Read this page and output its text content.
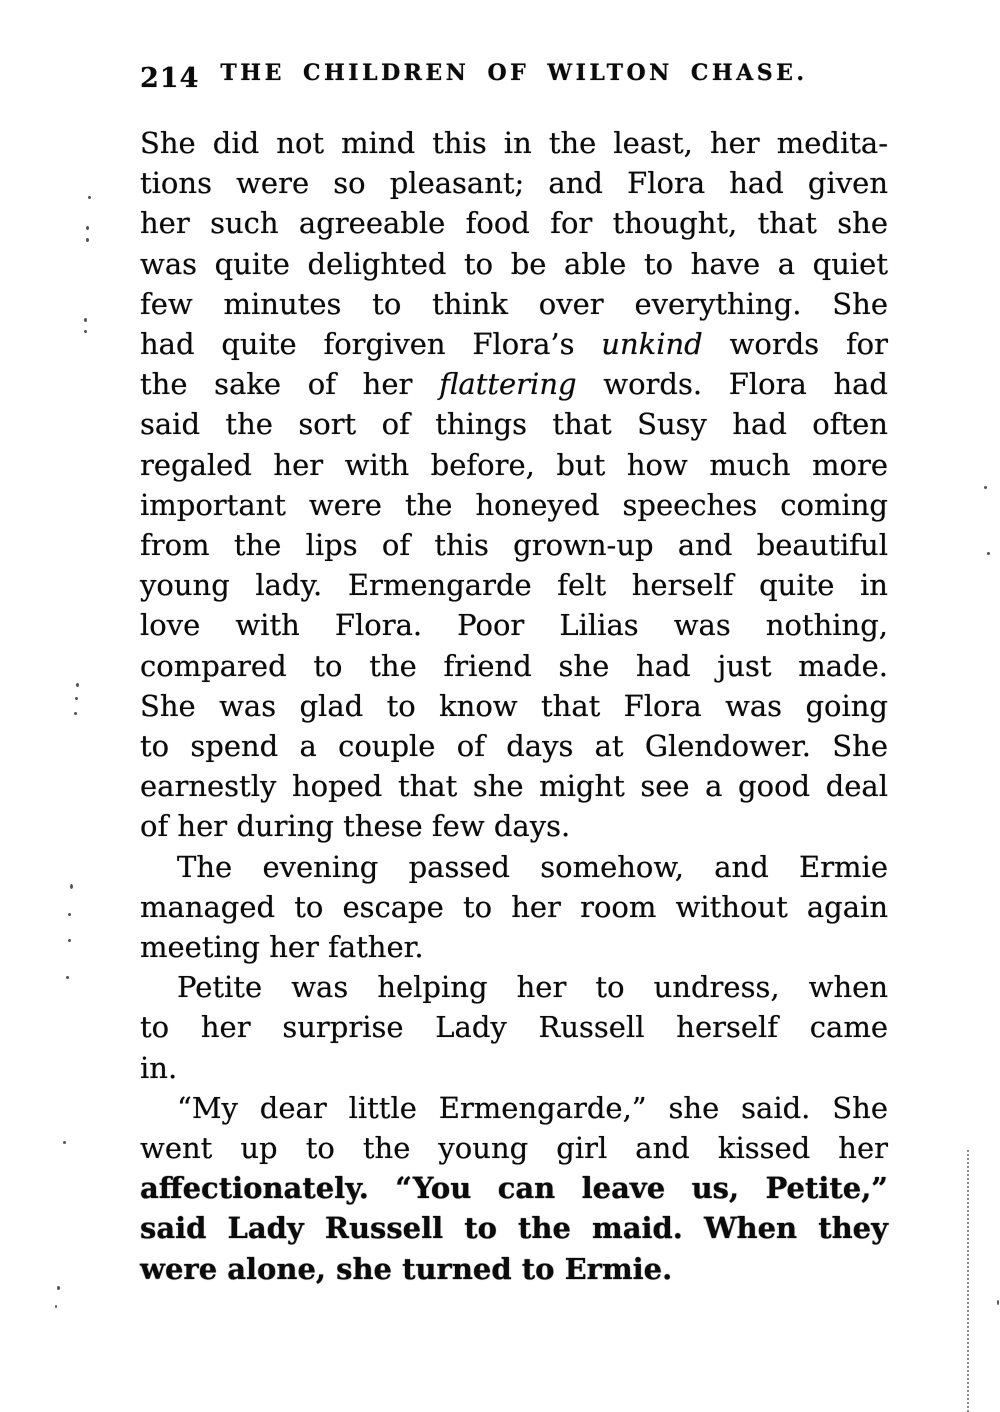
214 THE CHILDREN OF WILTON CHASE.
She did not mind this in the least, her medita-
tions were so pleasant; and Flora had given
her such agreeable food for thought, that she
was quite delighted to be able to have a quiet
few minutes to think over everything. She
had quite forgiven Flora’s unkind words for
the sake of her flattering words. Flora had
said the sort of things that Susy had often
regaled her with before, but how much more
important were the honeyed speeches coming
from the lips of this grown-up and beautiful
young lady. Ermengarde felt herself quite in
love with Flora. Poor Lilias was nothing,
compared to the friend she had just made.
She was glad to know that Flora was going
to spend a couple of days at Glendower. She
earnestly hoped that she might see a good deal
of her during these few days.
The evening passed somehow, and Ermie
managed to escape to her room without again
meeting her father.
Petite was helping her to undress, when
to her surprise Lady Russell herself came
in.
“My dear little Ermengarde,” she said. She
went up to the young girl and kissed her
affectionately. “You can leave us, Petite,”
said Lady Russell to the maid. When they
were alone, she turned to Ermie.
